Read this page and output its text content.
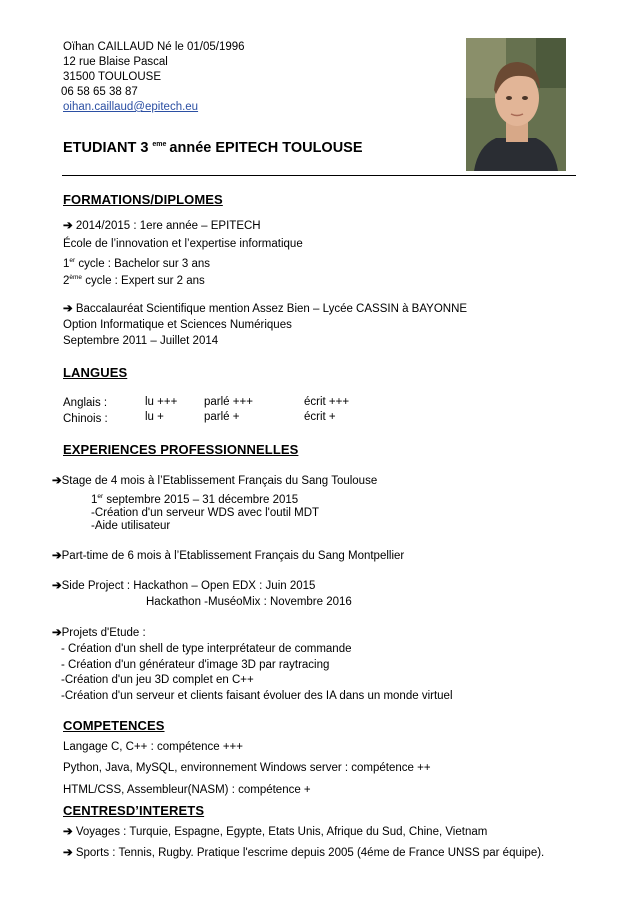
Oïhan CAILLAUD Né le 01/05/1996
12 rue Blaise Pascal
31500 TOULOUSE
06 58 65 38 87
oihan.caillaud@epitech.eu
ETUDIANT 3 $^{eme}$ année EPITECH TOULOUSE
FORMATIONS/DIPLOMES
➔ 2014/2015 : 1ere année – EPITECH
École de l’innovation et l’expertise informatique
1er cycle : Bachelor sur 3 ans
2ème cycle : Expert sur 2 ans
➔ Baccalauréat Scientifique mention Assez Bien – Lycée CASSIN à BAYONNE
Option Informatique et Sciences Numériques
Septembre 2011 – Juillet 2014
LANGUES
Anglais :	lu +++ parlé +++	écrit +++
Chinois :	lu +	parlé +	écrit +
EXPERIENCES PROFESSIONNELLES
➔Stage de 4 mois à l’Etablissement Français du Sang Toulouse
1er septembre 2015 – 31 décembre 2015
-Création d'un serveur WDS avec l'outil MDT
-Aide utilisateur
➔Part-time de 6 mois à l’Etablissement Français du Sang Montpellier
➔Side Project : Hackathon – Open EDX : Juin 2015
Hackathon -MuséoMix : Novembre 2016
➔Projets d'Etude :
- Création d'un shell de type interprétateur de commande
- Création d'un générateur d'image 3D par raytracing
-Création d'un jeu 3D complet en C++
-Création d'un serveur et clients faisant évoluer des IA dans un monde virtuel
COMPETENCES
Langage C, C++ : compétence +++
Python, Java, MySQL, environnement Windows server : compétence ++
HTML/CSS, Assembleur(NASM) : compétence +
CENTRESD’INTERETS
➔ Voyages : Turquie, Espagne, Egypte, Etats Unis, Afrique du Sud, Chine, Vietnam
➔ Sports : Tennis, Rugby. Pratique l'escrime depuis 2005 (4éme de France UNSS par équipe).
